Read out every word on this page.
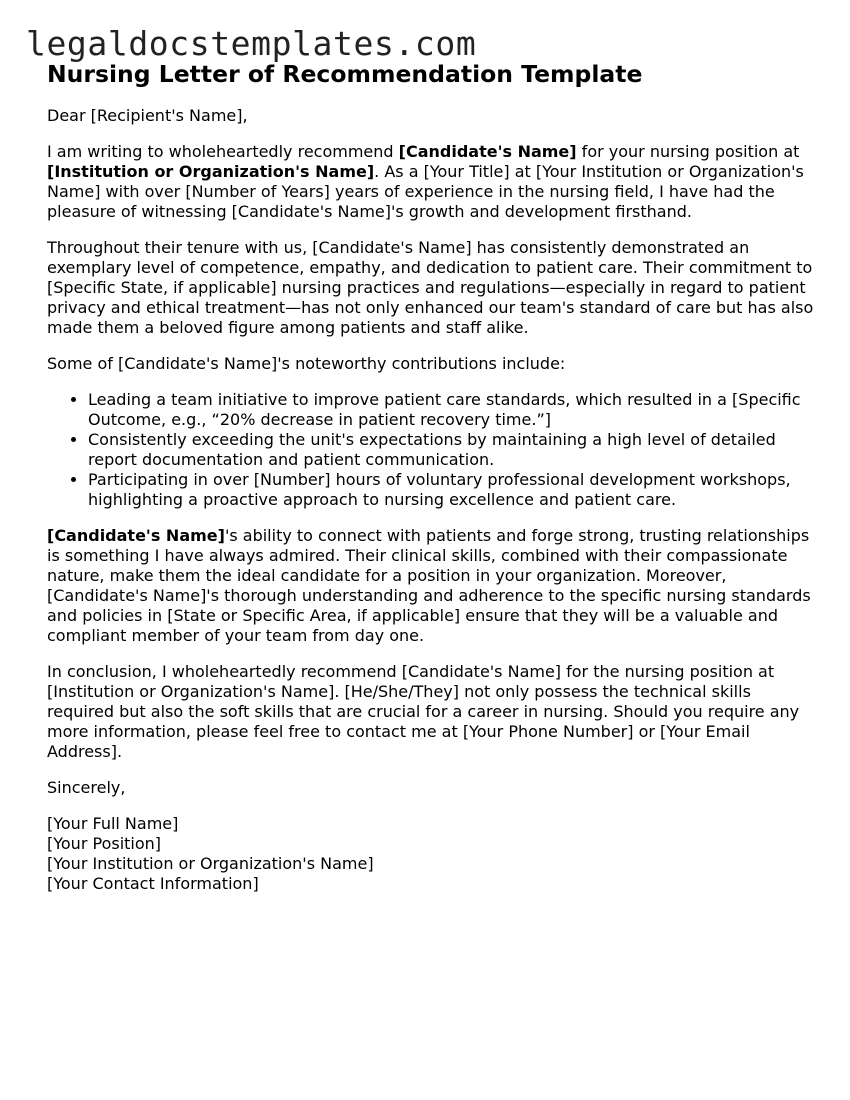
legaldocstemplates.com
Nursing Letter of Recommendation Template

Dear [Recipient's Name],

I am writing to wholeheartedly recommend [Candidate's Name] for your nursing position at [Institution or Organization's Name]. As a [Your Title] at [Your Institution or Organization's Name] with over [Number of Years] years of experience in the nursing field, I have had the pleasure of witnessing [Candidate's Name]'s growth and development firsthand.

Throughout their tenure with us, [Candidate's Name] has consistently demonstrated an exemplary level of competence, empathy, and dedication to patient care. Their commitment to [Specific State, if applicable] nursing practices and regulations—especially in regard to patient privacy and ethical treatment—has not only enhanced our team's standard of care but has also made them a beloved figure among patients and staff alike.

Some of [Candidate's Name]'s noteworthy contributions include:

• Leading a team initiative to improve patient care standards, which resulted in a [Specific Outcome, e.g., “20% decrease in patient recovery time.”]
• Consistently exceeding the unit's expectations by maintaining a high level of detailed report documentation and patient communication.
• Participating in over [Number] hours of voluntary professional development workshops, highlighting a proactive approach to nursing excellence and patient care.

[Candidate's Name]'s ability to connect with patients and forge strong, trusting relationships is something I have always admired. Their clinical skills, combined with their compassionate nature, make them the ideal candidate for a position in your organization. Moreover, [Candidate's Name]'s thorough understanding and adherence to the specific nursing standards and policies in [State or Specific Area, if applicable] ensure that they will be a valuable and compliant member of your team from day one.

In conclusion, I wholeheartedly recommend [Candidate's Name] for the nursing position at [Institution or Organization's Name]. [He/She/They] not only possess the technical skills required but also the soft skills that are crucial for a career in nursing. Should you require any more information, please feel free to contact me at [Your Phone Number] or [Your Email Address].

Sincerely,

[Your Full Name]
[Your Position]
[Your Institution or Organization's Name]
[Your Contact Information]
